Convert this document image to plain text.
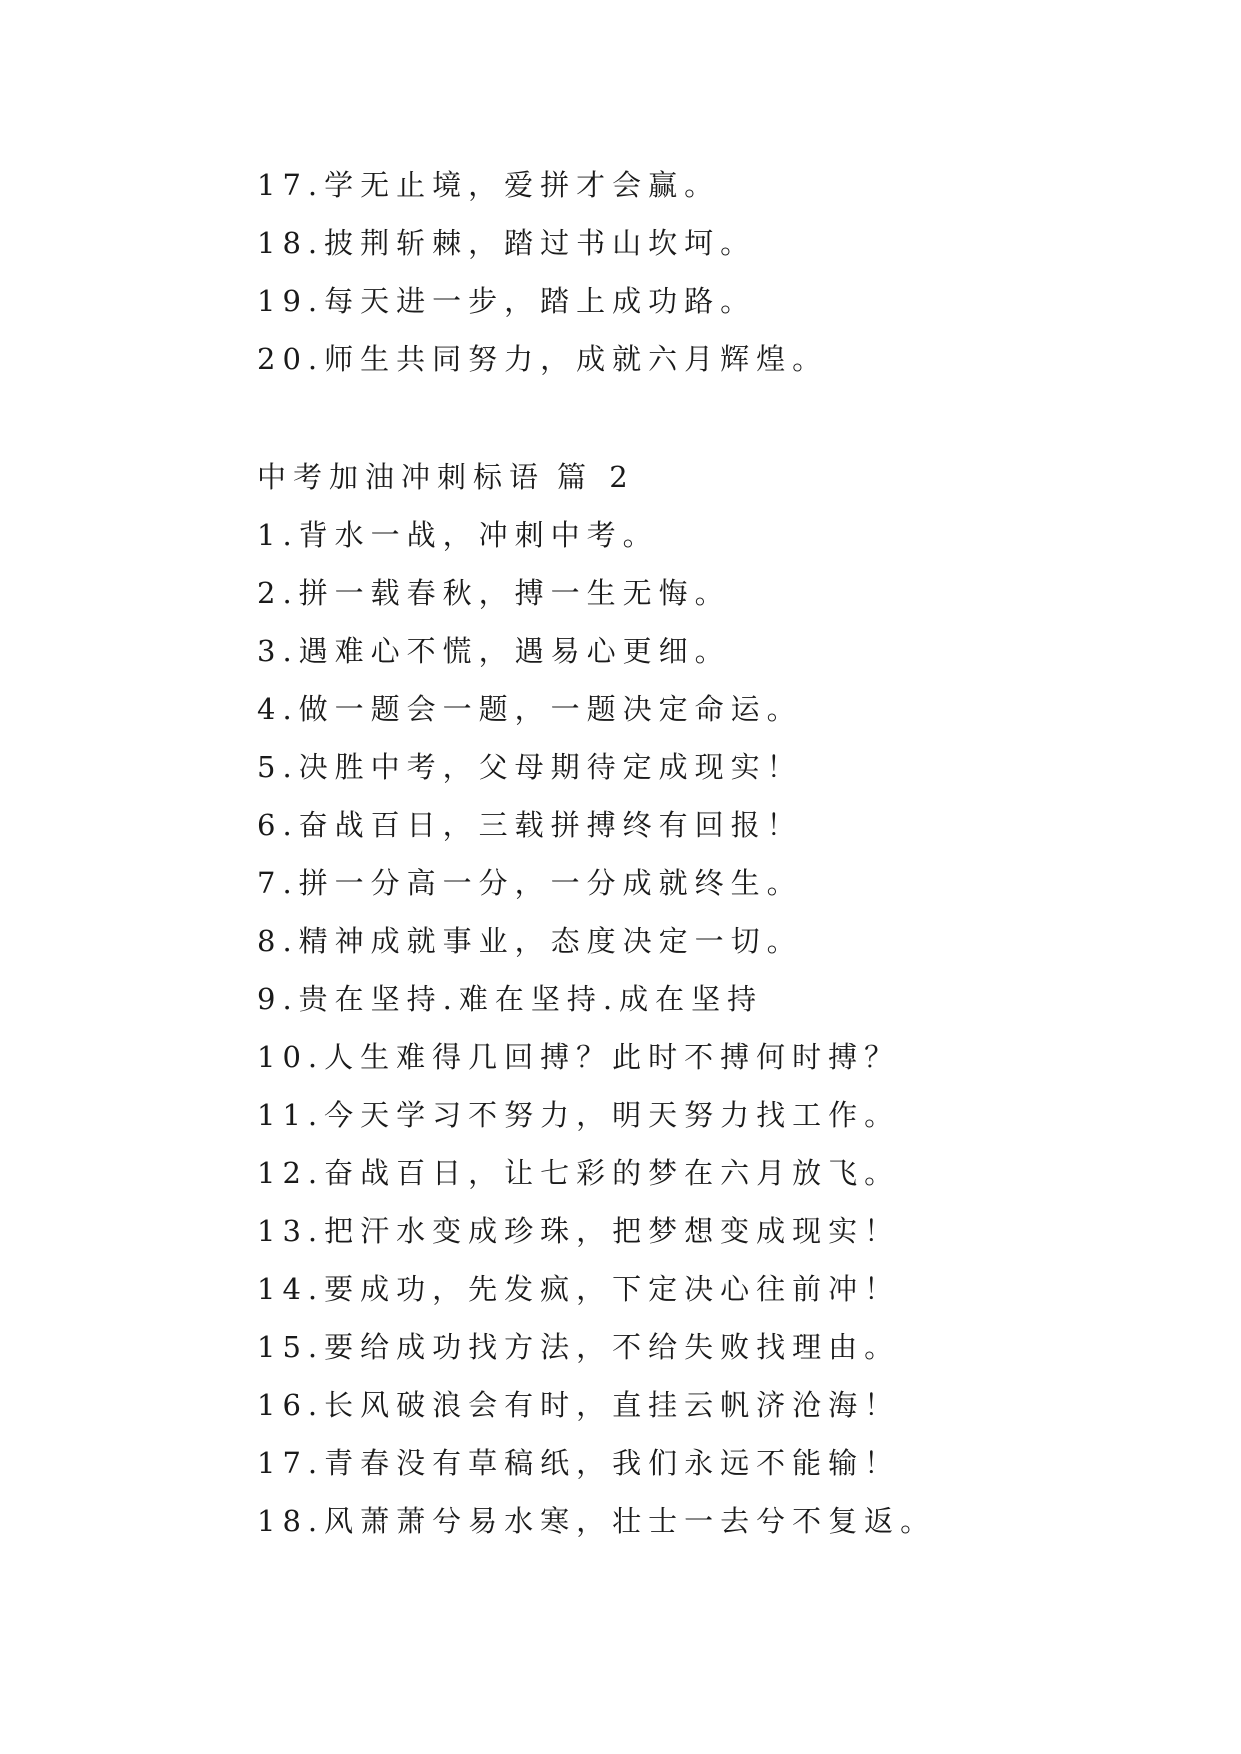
17.学无止境，爱拼才会赢。
18.披荆斩棘，踏过书山坎坷。
19.每天进一步，踏上成功路。
20.师生共同努力，成就六月辉煌。
中考加油冲刺标语 篇 2
1.背水一战，冲刺中考。
2.拼一载春秋，搏一生无悔。
3.遇难心不慌，遇易心更细。
4.做一题会一题，一题决定命运。
5.决胜中考，父母期待定成现实！
6.奋战百日，三载拼搏终有回报！
7.拼一分高一分，一分成就终生。
8.精神成就事业，态度决定一切。
9.贵在坚持.难在坚持.成在坚持
10.人生难得几回搏？此时不搏何时搏？
11.今天学习不努力，明天努力找工作。
12.奋战百日，让七彩的梦在六月放飞。
13.把汗水变成珍珠，把梦想变成现实！
14.要成功，先发疯，下定决心往前冲！
15.要给成功找方法，不给失败找理由。
16.长风破浪会有时，直挂云帆济沧海！
17.青春没有草稿纸，我们永远不能输！
18.风萧萧兮易水寒，壮士一去兮不复返。
